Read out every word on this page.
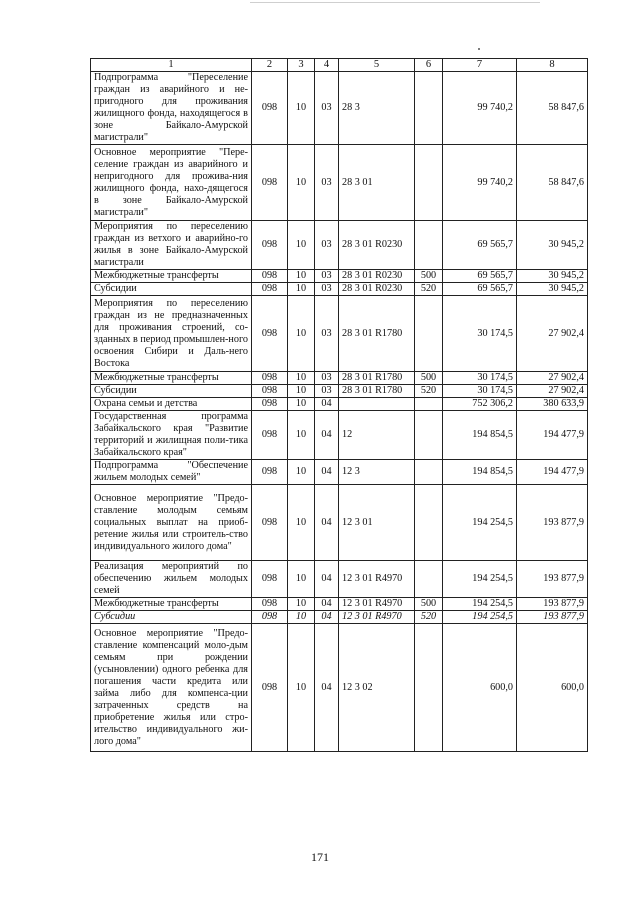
1	2	3	4	5	6	7	8
Подпрограмма "Переселение граждан из аварийного и не-пригодного для проживания жилищного фонда, находящегося в зоне Байкало-Амурской магистрали"	098	10	03	28 3		99 740,2	58 847,6
Основное мероприятие "Пере-селение граждан из аварийного и непригодного для прожива-ния жилищного фонда, нахо-дящегося в зоне Байкало-Амурской магистрали"	098	10	03	28 3 01		99 740,2	58 847,6
Мероприятия по переселению граждан из ветхого и аварийно-го жилья в зоне Байкало-Амурской магистрали	098	10	03	28 3 01 R0230		69 565,7	30 945,2
Межбюджетные трансферты	098	10	03	28 3 01 R0230	500	69 565,7	30 945,2
Субсидии	098	10	03	28 3 01 R0230	520	69 565,7	30 945,2
Мероприятия по переселению граждан из не предназначенных для проживания строений, со-зданных в период промышлен-ного освоения Сибири и Даль-него Востока	098	10	03	28 3 01 R1780		30 174,5	27 902,4
Межбюджетные трансферты	098	10	03	28 3 01 R1780	500	30 174,5	27 902,4
Субсидии	098	10	03	28 3 01 R1780	520	30 174,5	27 902,4
Охрана семьи и детства	098	10	04			752 306,2	380 633,9
Государственная программа Забайкальского края "Развитие территорий и жилищная поли-тика Забайкальского края"	098	10	04	12		194 854,5	194 477,9
Подпрограмма "Обеспечение жильем молодых семей"	098	10	04	12 3		194 854,5	194 477,9
Основное мероприятие "Предо-ставление молодым семьям социальных выплат на приоб-ретение жилья или строитель-ство индивидуального жилого дома"	098	10	04	12 3 01		194 254,5	193 877,9
Реализация мероприятий по обеспечению жильем молодых семей	098	10	04	12 3 01 R4970		194 254,5	193 877,9
Межбюджетные трансферты	098	10	04	12 3 01 R4970	500	194 254,5	193 877,9
Субсидии	098	10	04	12 3 01 R4970	520	194 254,5	193 877,9
Основное мероприятие "Предо-ставление компенсаций моло-дым семьям при рождении (усыновлении) одного ребенка для погашения части кредита или займа либо для компенса-ции затраченных средств на приобретение жилья или стро-ительство индивидуального жи-лого дома"	098	10	04	12 3 02		600,0	600,0
171
